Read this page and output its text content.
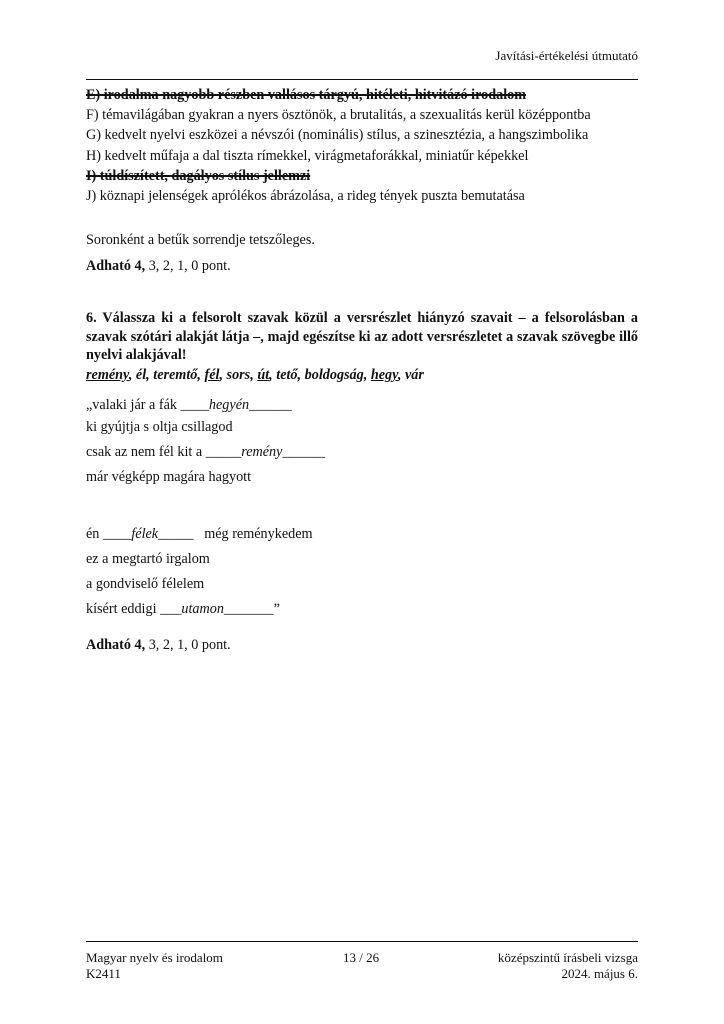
Javítási-értékelési útmutató
E) irodalma nagyobb részben vallásos tárgyú, hitéleti, hitvitázó irodalom
F) témavilágában gyakran a nyers ösztönök, a brutalitás, a szexualitás kerül középpontba
G) kedvelt nyelvi eszközei a névszói (nominális) stílus, a szinesztézia, a hangszimbolika
H) kedvelt műfaja a dal tiszta rímekkel, virágmetaforákkal, miniatűr képekkel
I) túldíszített, dagályos stílus jellemzi
J) köznapi jelenségek aprólékos ábrázolása, a rideg tények puszta bemutatása
Soronként a betűk sorrendje tetszőleges.
Adható 4, 3, 2, 1, 0 pont.

6. Válassza ki a felsorolt szavak közül a versrészlet hiányzó szavait – a felsorolásban a szavak szótári alakját látja –, majd egészítse ki az adott versrészletet a szavak szövegbe illő nyelvi alakjával!

remény, él, teremtő, fél, sors, út, tető, boldogság, hegy, vár
„valaki jár a fák ____hegyén______
ki gyújtja s oltja csillagod
csak az nem fél kit a _____remény______
már végképp magára hagyott
én ____félek_____   még reménykedem
ez a megtartó irgalom
a gondviselő félelem
kísért eddigi ___utamon_______”
Adható 4, 3, 2, 1, 0 pont.
Magyar nyelv és irodalom
K2411
13 / 26	középszintű írásbeli vizsga
2024. május 6.
